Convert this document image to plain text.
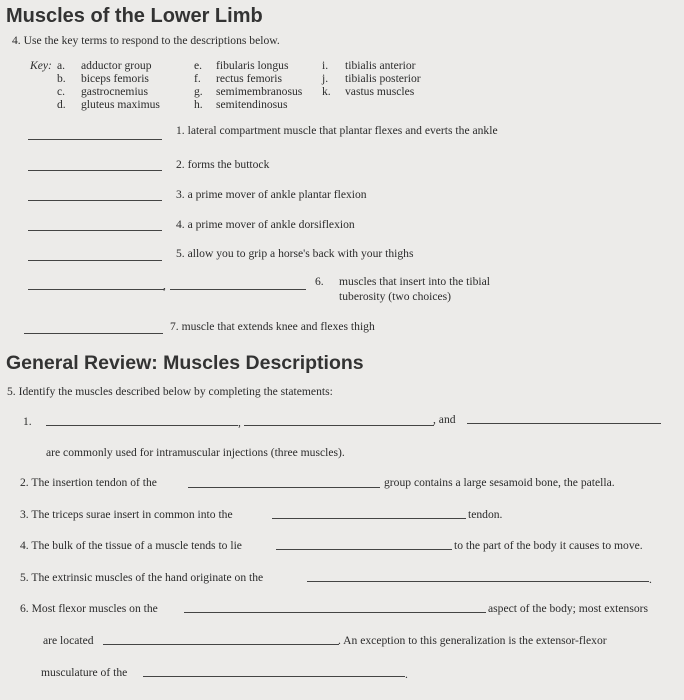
Muscles of the Lower Limb
4. Use the key terms to respond to the descriptions below.
Key: a. adductor group
b. biceps femoris
c. gastrocnemius
d. gluteus maximus
e. fibularis longus
f. rectus femoris
g. semimembranosus
h. semitendinosus
i. tibialis anterior
j. tibialis posterior
k. vastus muscles
1. lateral compartment muscle that plantar flexes and everts the ankle
2. forms the buttock
3. a prime mover of ankle plantar flexion
4. a prime mover of ankle dorsiflexion
5. allow you to grip a horse's back with your thighs
,	6. muscles that insert into the tibial
tuberosity (two choices)
7. muscle that extends knee and flexes thigh
General Review: Muscles Descriptions
5. Identify the muscles described below by completing the statements:
1.	,	, and
are commonly used for intramuscular injections (three muscles).
2. The insertion tendon of the	group contains a large sesamoid bone, the patella.
3. The triceps surae insert in common into the	tendon.
4. The bulk of the tissue of a muscle tends to lie	to the part of the body it causes to move.
5. The extrinsic muscles of the hand originate on the	.
6. Most flexor muscles on the	aspect of the body; most extensors
are located	. An exception to this generalization is the extensor-flexor
musculature of the	.
